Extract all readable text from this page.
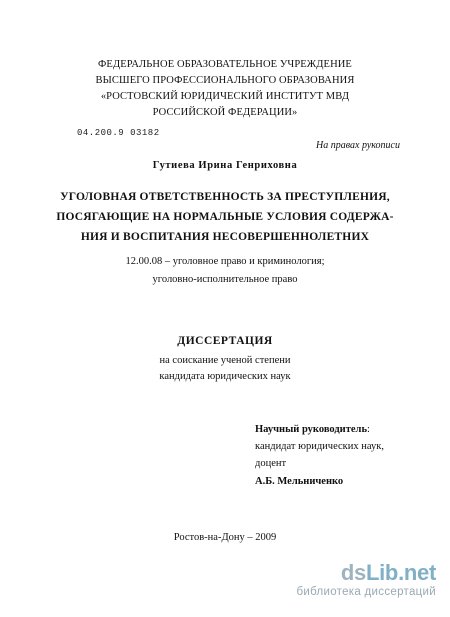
ФЕДЕРАЛЬНОЕ ОБРАЗОВАТЕЛЬНОЕ УЧРЕЖДЕНИЕ
ВЫСШЕГО ПРОФЕССИОНАЛЬНОГО ОБРАЗОВАНИЯ
«РОСТОВСКИЙ ЮРИДИЧЕСКИЙ ИНСТИТУТ МВД
РОССИЙСКОЙ ФЕДЕРАЦИИ»
04.200.9 03182
На правах рукописи
Гутиева Ирина Генриховна
УГОЛОВНАЯ ОТВЕТСТВЕННОСТЬ ЗА ПРЕСТУПЛЕНИЯ,
ПОСЯГАЮЩИЕ НА НОРМАЛЬНЫЕ УСЛОВИЯ СОДЕРЖА-
НИЯ И ВОСПИТАНИЯ НЕСОВЕРШЕННОЛЕТНИХ
12.00.08 – уголовное право и криминология;
уголовно-исполнительное право
ДИССЕРТАЦИЯ
на соискание ученой степени
кандидата юридических наук
Научный руководитель:
кандидат юридических наук,
доцент
А.Б. Мельниченко
Ростов-на-Дону – 2009
dsLib.net
библиотека диссертаций
